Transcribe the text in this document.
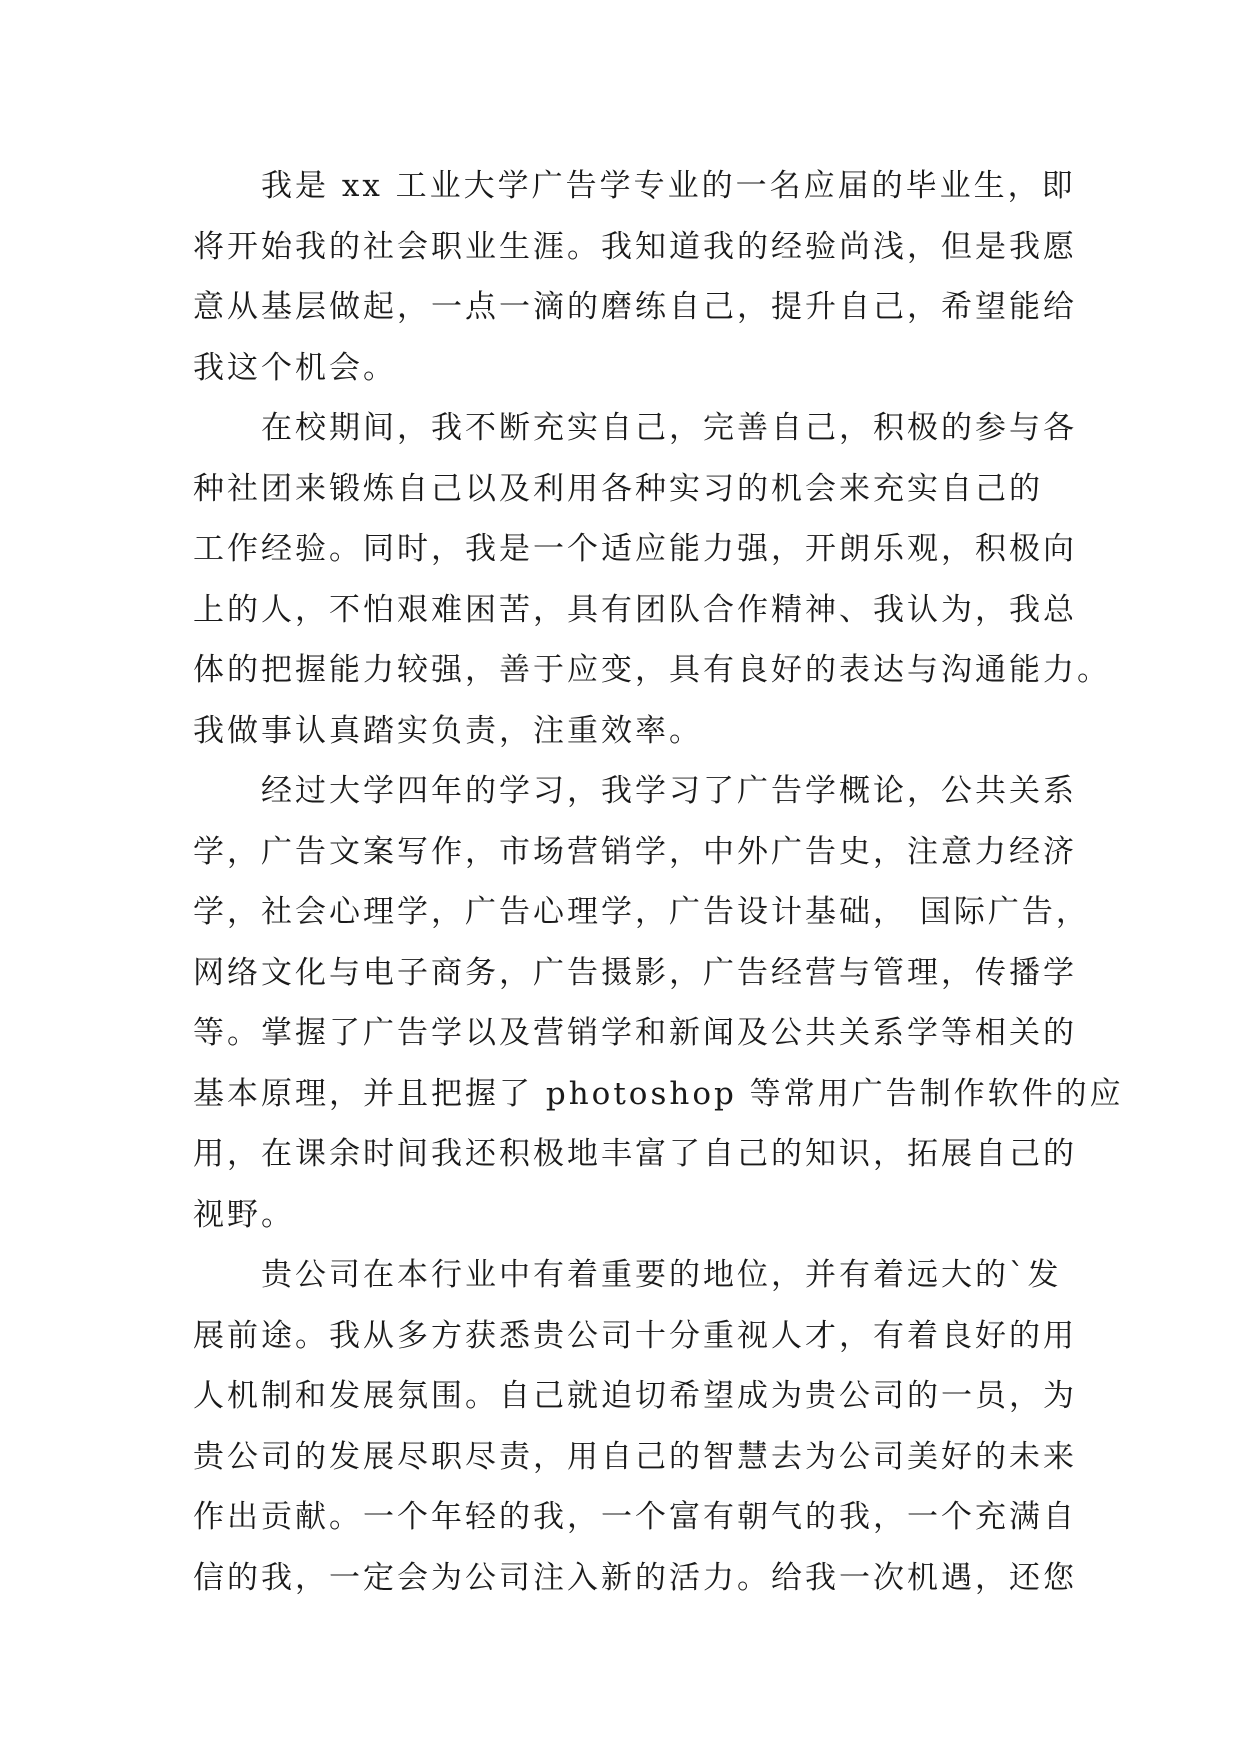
　　我是 xx 工业大学广告学专业的一名应届的毕业生，即
将开始我的社会职业生涯。我知道我的经验尚浅，但是我愿
意从基层做起，一点一滴的磨练自己，提升自己，希望能给
我这个机会。
　　在校期间，我不断充实自己，完善自己，积极的参与各
种社团来锻炼自己以及利用各种实习的机会来充实自己的
工作经验。同时，我是一个适应能力强，开朗乐观，积极向
上的人，不怕艰难困苦，具有团队合作精神、我认为，我总
体的把握能力较强，善于应变，具有良好的表达与沟通能力。
我做事认真踏实负责，注重效率。
　　经过大学四年的学习，我学习了广告学概论，公共关系
学，广告文案写作，市场营销学，中外广告史，注意力经济
学，社会心理学，广告心理学，广告设计基础， 国际广告，
网络文化与电子商务，广告摄影，广告经营与管理，传播学
等。掌握了广告学以及营销学和新闻及公共关系学等相关的
基本原理，并且把握了 photoshop 等常用广告制作软件的应
用，在课余时间我还积极地丰富了自己的知识，拓展自己的
视野。
　　贵公司在本行业中有着重要的地位，并有着远大的`发
展前途。我从多方获悉贵公司十分重视人才，有着良好的用
人机制和发展氛围。自己就迫切希望成为贵公司的一员，为
贵公司的发展尽职尽责，用自己的智慧去为公司美好的未来
作出贡献。一个年轻的我，一个富有朝气的我，一个充满自
信的我，一定会为公司注入新的活力。给我一次机遇，还您
